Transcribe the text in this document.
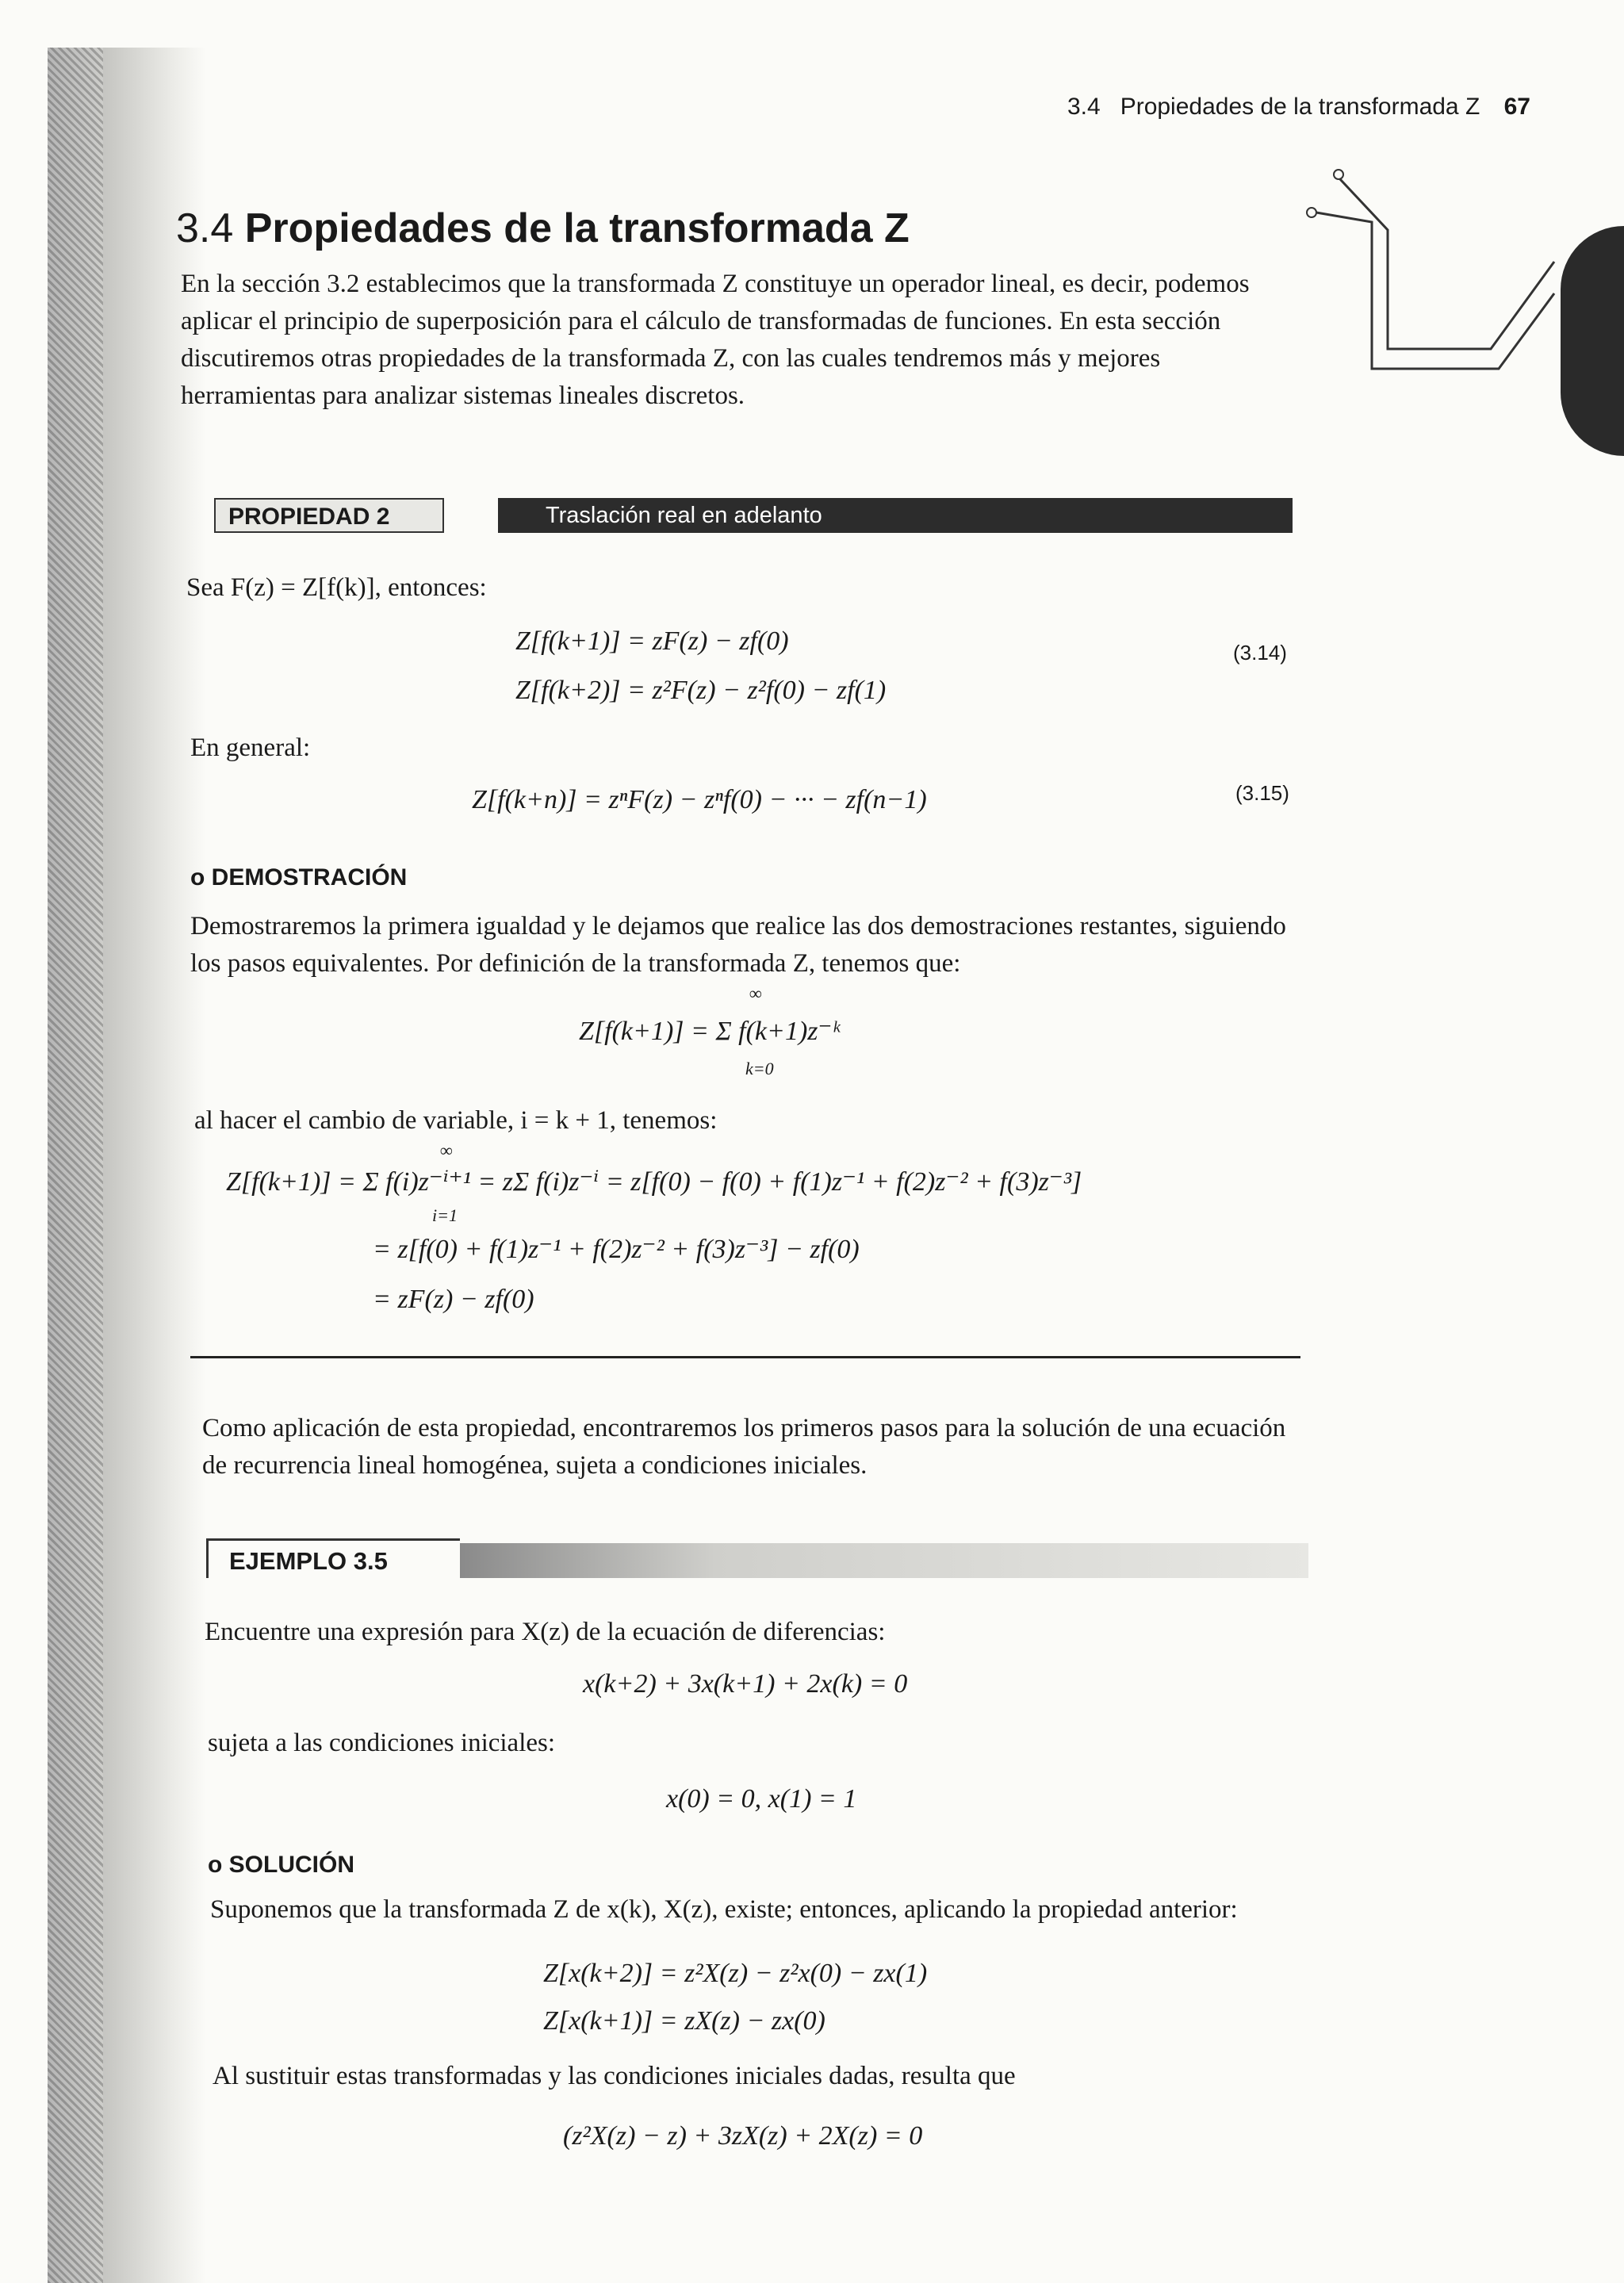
3.4 Propiedades de la transformada Z 67
3.4 Propiedades de la transformada Z
En la sección 3.2 establecimos que la transformada Z constituye un operador lineal, es decir, podemos aplicar el principio de superposición para el cálculo de transformadas de funciones. En esta sección discutiremos otras propiedades de la transformada Z, con las cuales tendremos más y mejores herramientas para analizar sistemas lineales discretos.
PROPIEDAD 2	Traslación real en adelanto
Sea F(z) = Z[f(k)], entonces:
Z[f(k+1)] = zF(z) − zf(0)
Z[f(k+2)] = z²F(z) − z²f(0) − zf(1)
(3.14)
En general:
Z[f(k+n)] = zⁿF(z) − zⁿf(0) − ··· − zf(n−1)	(3.15)
o DEMOSTRACIÓN
Demostraremos la primera igualdad y le dejamos que realice las dos demostraciones restantes, siguiendo los pasos equivalentes. Por definición de la transformada Z, tenemos que:
Z[f(k+1)] = Σ f(k+1)z⁻ᵏ
∞
k=0
al hacer el cambio de variable, i = k + 1, tenemos:
Z[f(k+1)] = Σ f(i)z⁻ⁱ⁺¹ = zΣ f(i)z⁻ⁱ = z[f(0) − f(0) + f(1)z⁻¹ + f(2)z⁻² + f(3)z⁻³]
∞
i=1
= z[f(0) + f(1)z⁻¹ + f(2)z⁻² + f(3)z⁻³] − zf(0)
= zF(z) − zf(0)
Como aplicación de esta propiedad, encontraremos los primeros pasos para la solución de una ecuación de recurrencia lineal homogénea, sujeta a condiciones iniciales.
EJEMPLO 3.5
Encuentre una expresión para X(z) de la ecuación de diferencias:
x(k+2) + 3x(k+1) + 2x(k) = 0
sujeta a las condiciones iniciales:
x(0) = 0, x(1) = 1
o SOLUCIÓN
Suponemos que la transformada Z de x(k), X(z), existe; entonces, aplicando la propiedad anterior:
Z[x(k+2)] = z²X(z) − z²x(0) − zx(1)
Z[x(k+1)] = zX(z) − zx(0)
Al sustituir estas transformadas y las condiciones iniciales dadas, resulta que
(z²X(z) − z) + 3zX(z) + 2X(z) = 0
